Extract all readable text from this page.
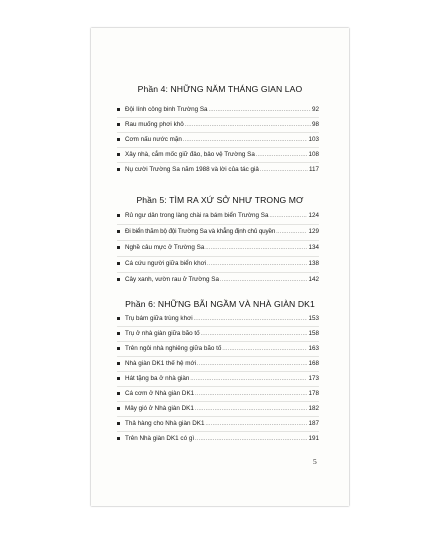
Phần 4: NHỮNG NĂM THÁNG GIAN LAO
Đội lính công binh Trường Sa .....	92
Rau muống phơi khô .....	98
Cơm nấu nước mặn .....	103
Xây nhà, cắm mốc giữ đảo, bảo vệ Trường Sa .....	108
Nụ cười Trường Sa năm 1988 và lời của tác giả .....	117
Phần 5: TÌM RA XỨ SỞ NHƯ TRONG MƠ
Rủ ngư dân trong làng chài ra bám biển Trường Sa .....	124
Đi biển thăm bộ đội Trường Sa và khẳng định chủ quyền .....	129
Nghề câu mực ở Trường Sa .....	134
Cá cứu người giữa biển khơi .....	138
Cây xanh, vườn rau ở Trường Sa .....	142
Phần 6: NHỮNG BÃI NGẦM VÀ NHÀ GIÀN DK1
Trụ bám giữa trùng khơi .....	153
Trụ ở nhà giàn giữa bão tố .....	158
Trên ngôi nhà nghiêng giữa bão tố .....	163
Nhà giàn DK1 thế hệ mới .....	168
Hát tặng ba ở nhà giàn .....	173
Cá cơm ở Nhà giàn DK1 .....	178
Mây gió ở Nhà giàn DK1 .....	182
Thả hàng cho Nhà giàn DK1 .....	187
Trên Nhà giàn DK1 có gì .....	191
5
